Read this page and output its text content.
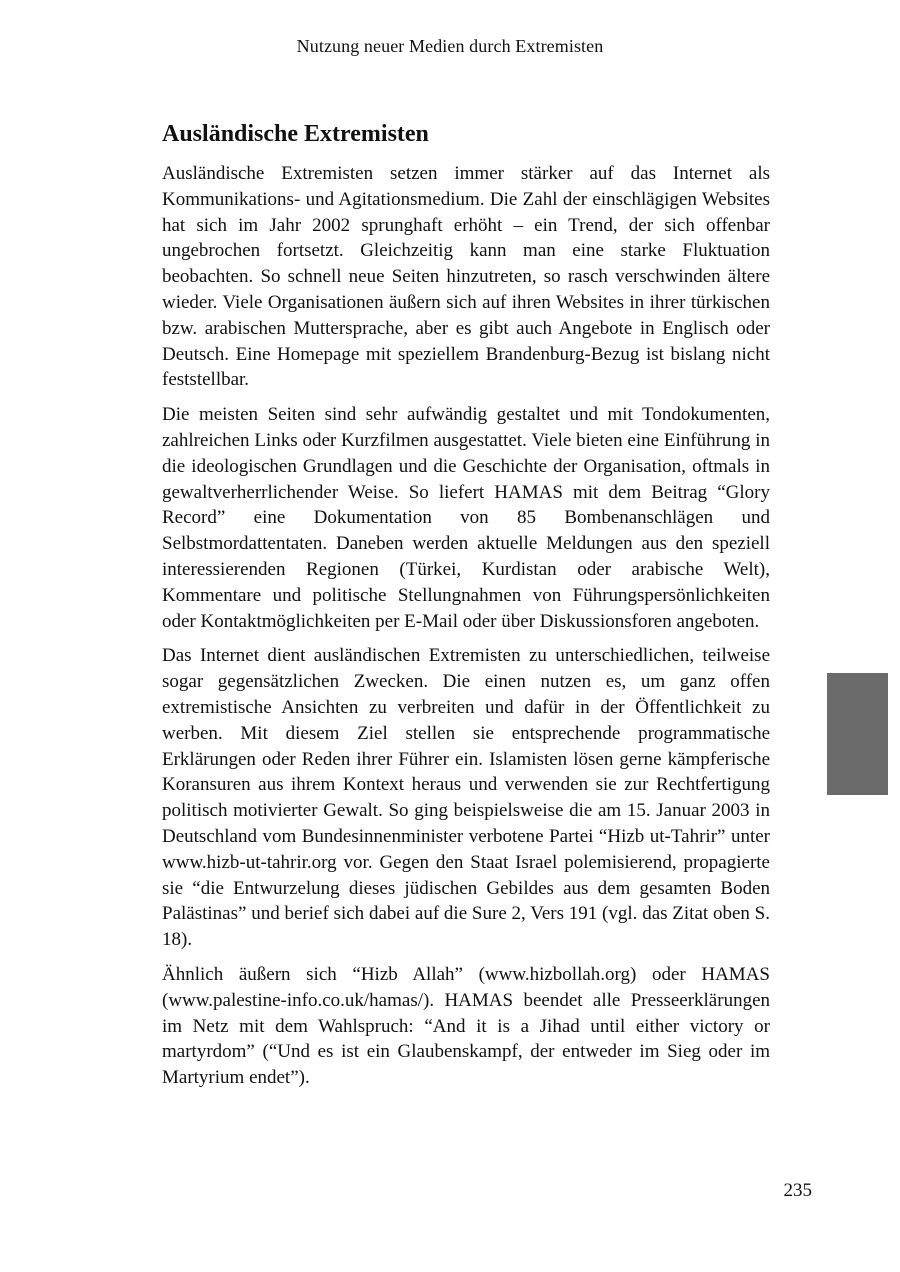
Nutzung neuer Medien durch Extremisten
Ausländische Extremisten

Ausländische Extremisten setzen immer stärker auf das Internet als Kommunikations- und Agitationsmedium. Die Zahl der einschlägigen Websites hat sich im Jahr 2002 sprunghaft erhöht – ein Trend, der sich offenbar ungebrochen fortsetzt. Gleichzeitig kann man eine starke Fluktuation beobachten. So schnell neue Seiten hinzutreten, so rasch verschwinden ältere wieder. Viele Organisationen äußern sich auf ihren Websites in ihrer türkischen bzw. arabischen Muttersprache, aber es gibt auch Angebote in Englisch oder Deutsch. Eine Homepage mit speziellem Brandenburg-Bezug ist bislang nicht feststellbar.

Die meisten Seiten sind sehr aufwändig gestaltet und mit Tondokumenten, zahlreichen Links oder Kurzfilmen ausgestattet. Viele bieten eine Einführung in die ideologischen Grundlagen und die Geschichte der Organisation, oftmals in gewaltverherrlichender Weise. So liefert HAMAS mit dem Beitrag “Glory Record” eine Dokumentation von 85 Bombenanschlägen und Selbstmordattentaten. Daneben werden aktuelle Meldungen aus den speziell interessierenden Regionen (Türkei, Kurdistan oder arabische Welt), Kommentare und politische Stellungnahmen von Führungspersönlichkeiten oder Kontaktmöglichkeiten per E-Mail oder über Diskussionsforen angeboten.

Das Internet dient ausländischen Extremisten zu unterschiedlichen, teilweise sogar gegensätzlichen Zwecken. Die einen nutzen es, um ganz offen extremistische Ansichten zu verbreiten und dafür in der Öffentlichkeit zu werben. Mit diesem Ziel stellen sie entsprechende programmatische Erklärungen oder Reden ihrer Führer ein. Islamisten lösen gerne kämpferische Koransuren aus ihrem Kontext heraus und verwenden sie zur Rechtfertigung politisch motivierter Gewalt. So ging beispielsweise die am 15. Januar 2003 in Deutschland vom Bundesinnenminister verbotene Partei “Hizb ut-Tahrir” unter www.hizb-ut-tahrir.org vor. Gegen den Staat Israel polemisierend, propagierte sie “die Entwurzelung dieses jüdischen Gebildes aus dem gesamten Boden Palästinas” und berief sich dabei auf die Sure 2, Vers 191 (vgl. das Zitat oben S. 18).

Ähnlich äußern sich “Hizb Allah” (www.hizbollah.org) oder HAMAS (www.palestine-info.co.uk/hamas/). HAMAS beendet alle Presseerklärungen im Netz mit dem Wahlspruch: “And it is a Jihad until either victory or martyrdom” (“Und es ist ein Glaubenskampf, der entweder im Sieg oder im Martyrium endet”).

235
